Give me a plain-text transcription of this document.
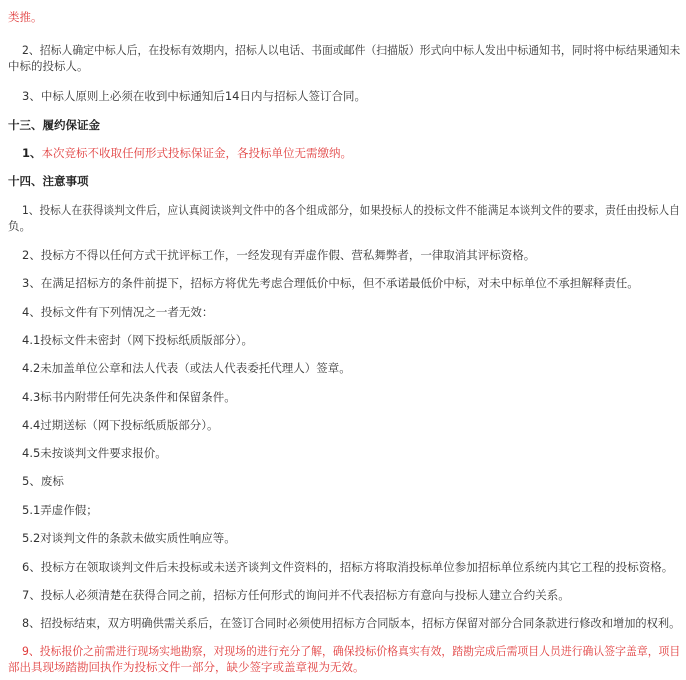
类推。
2、招标人确定中标人后，在投标有效期内，招标人以电话、书面或邮件（扫描版）形式向中标人发出中标通知书，同时将中标结果通知未
中标的投标人。
3、中标人原则上必须在收到中标通知后14日内与招标人签订合同。
十三、履约保证金
1、本次竞标不收取任何形式投标保证金，各投标单位无需缴纳。
十四、注意事项
1、投标人在获得谈判文件后，应认真阅读谈判文件中的各个组成部分，如果投标人的投标文件不能满足本谈判文件的要求，责任由投标人自
负。
2、投标方不得以任何方式干扰评标工作，一经发现有弄虚作假、营私舞弊者，一律取消其评标资格。
3、在满足招标方的条件前提下，招标方将优先考虑合理低价中标，但不承诺最低价中标，对未中标单位不承担解释责任。
4、投标文件有下列情况之一者无效：
4.1投标文件未密封（网下投标纸质版部分）。
4.2未加盖单位公章和法人代表（或法人代表委托代理人）签章。
4.3标书内附带任何先决条件和保留条件。
4.4过期送标（网下投标纸质版部分）。
4.5未按谈判文件要求报价。
5、废标
5.1弄虚作假；
5.2对谈判文件的条款未做实质性响应等。
6、投标方在领取谈判文件后未投标或未送齐谈判文件资料的，招标方将取消投标单位参加招标单位系统内其它工程的投标资格。
7、投标人必须清楚在获得合同之前，招标方任何形式的询问并不代表招标方有意向与投标人建立合约关系。
8、招投标结束，双方明确供需关系后，在签订合同时必须使用招标方合同版本，招标方保留对部分合同条款进行修改和增加的权利。
9、投标报价之前需进行现场实地勘察，对现场的进行充分了解，确保投标价格真实有效，踏勘完成后需项目人员进行确认签字盖章，项目
部出具现场踏勘回执作为投标文件一部分，缺少签字或盖章视为无效。
